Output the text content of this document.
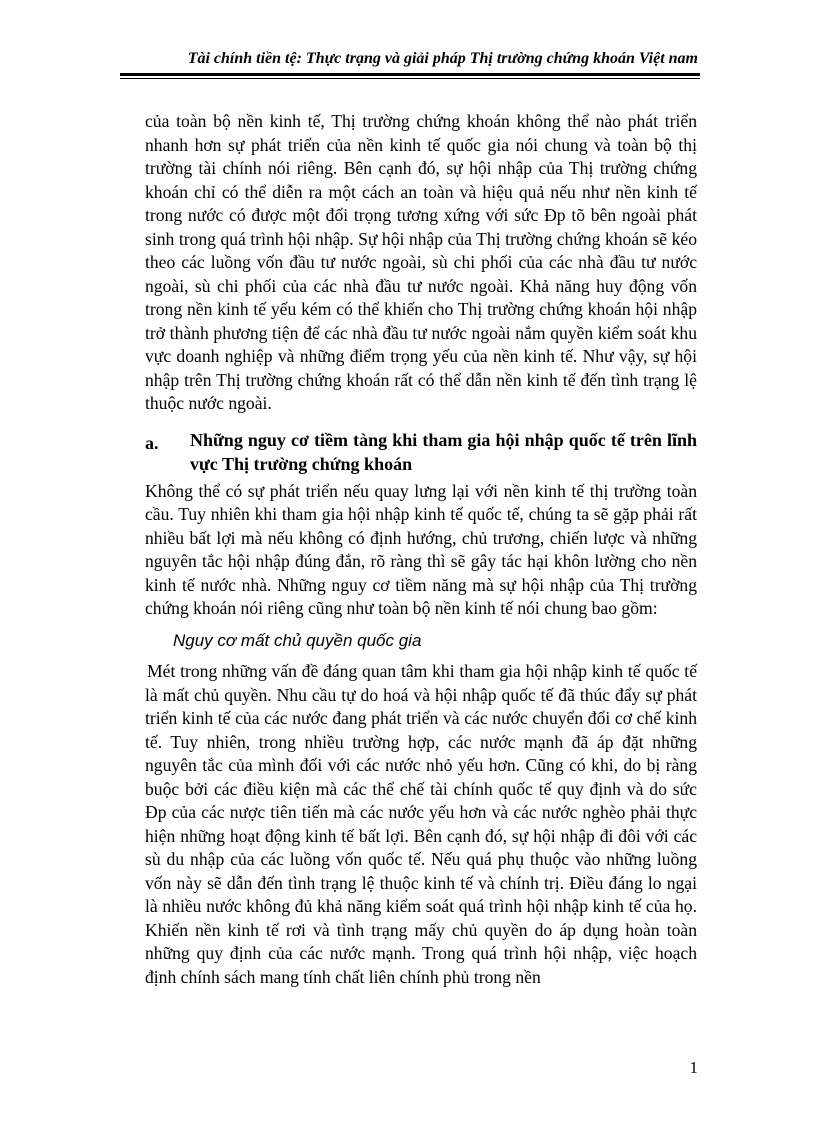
Tài chính tiền tệ: Thực trạng và giải pháp Thị trường chứng khoán Việt nam

của toàn bộ nền kinh tế, Thị trường chứng khoán không thể nào phát triển nhanh hơn sự phát triển của nền kinh tế quốc gia nói chung và toàn bộ thị trường tài chính nói riêng. Bên cạnh đó, sự hội nhập của Thị trường chứng khoán chỉ có thể diễn ra một cách an toàn và hiệu quả nếu như nền kinh tế trong nước có được một đối trọng tương xứng với sức Ðp tõ bên ngoài phát sinh trong quá trình hội nhập. Sự hội nhập của Thị trường chứng khoán sẽ kéo theo các luồng vốn đầu tư nước ngoài, sù chi phối của các nhà đầu tư nước ngoài, sù chi phối của các nhà đầu tư nước ngoài. Khả năng huy động vốn trong nền kinh tế yếu kém có thể khiến cho Thị trường chứng khoán hội nhập trở thành phương tiện để các nhà đầu tư nước ngoài nắm quyền kiểm soát khu vực doanh nghiệp và những điểm trọng yếu của nền kinh tế. Như vậy, sự hội nhập trên Thị trường chứng khoán rất có thể dẫn nền kinh tế đến tình trạng lệ thuộc nước ngoài.

a.	Những nguy cơ tiềm tàng khi tham gia hội nhập quốc tế trên lĩnh vực Thị trường chứng khoán

Không thể có sự phát triển nếu quay lưng lại với nền kinh tế thị trường toàn cầu. Tuy nhiên khi tham gia hội nhập kinh tế quốc tế, chúng ta sẽ gặp phải rất nhiều bất lợi mà nếu không có định hướng, chủ trương, chiến lược và những nguyên tắc hội nhập đúng đắn, rõ ràng thì sẽ gây tác hại khôn lường cho nền kinh tế nước nhà. Những nguy cơ tiềm năng mà sự hội nhập của Thị trường chứng khoán nói riêng cũng như toàn bộ nền kinh tế nói chung bao gồm:

Nguy cơ mất chủ quyền quốc gia

Mét trong những vấn đề đáng quan tâm khi tham gia hội nhập kinh tế quốc tế là mất chủ quyền. Nhu cầu tự do hoá và hội nhập quốc tế đã thúc đẩy sự phát triển kinh tế của các nước đang phát triển và các nước chuyển đổi cơ chế kinh tế. Tuy nhiên, trong nhiều trường hợp, các nước mạnh đã áp đặt những nguyên tắc của mình đối với các nước nhỏ yếu hơn. Cũng có khi, do bị ràng buộc bởi các điều kiện mà các thể chế tài chính quốc tế quy định và do sức Ðp của các nược tiên tiến mà các nước yếu hơn và các nước nghèo phải thực hiện những hoạt động kinh tế bất lợi. Bên cạnh đó, sự hội nhập đi đôi với các sù du nhập của các luồng vốn quốc tế. Nếu quá phụ thuộc vào những luồng vốn này sẽ dẫn đến tình trạng lệ thuộc kinh tế và chính trị. Điều đáng lo ngại là nhiều nước không đủ khả năng kiểm soát quá trình hội nhập kinh tế của họ. Khiến nền kinh tế rơi và tình trạng mấy chủ quyền do áp dụng hoàn toàn những quy định của các nước mạnh. Trong quá trình hội nhập, việc hoạch định chính sách mang tính chất liên chính phủ trong nền

1
